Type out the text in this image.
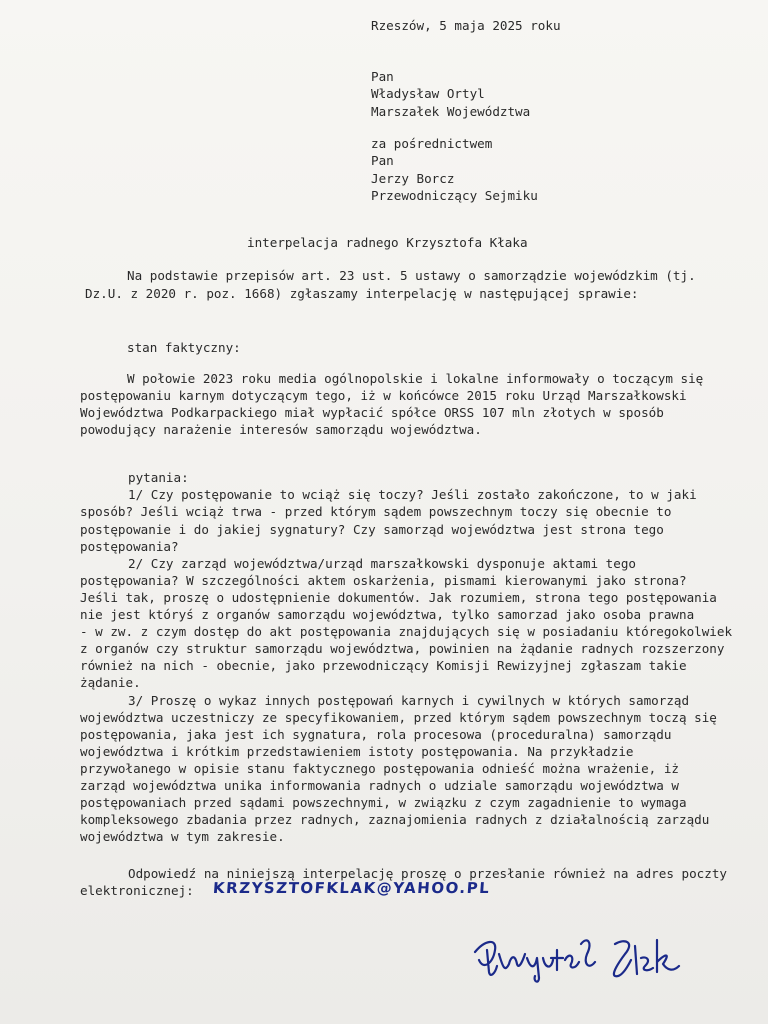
Rzeszów, 5 maja 2025 roku
Pan
Władysław Ortyl
Marszałek Województwa
za pośrednictwem
Pan
Jerzy Borcz
Przewodniczący Sejmiku
interpelacja radnego Krzysztofa Kłaka
Na podstawie przepisów art. 23 ust. 5 ustawy o samorządzie wojewódzkim (tj.
Dz.U. z 2020 r. poz. 1668) zgłaszamy interpelację w następującej sprawie:
stan faktyczny:
W połowie 2023 roku media ogólnopolskie i lokalne informowały o toczącym się
postępowaniu karnym dotyczącym tego, iż w końcówce 2015 roku Urząd Marszałkowski
Województwa Podkarpackiego miał wypłacić spółce ORSS 107 mln złotych w sposób
powodujący narażenie interesów samorządu województwa.
pytania:
1/ Czy postępowanie to wciąż się toczy? Jeśli zostało zakończone, to w jaki
sposób? Jeśli wciąż trwa - przed którym sądem powszechnym toczy się obecnie to
postępowanie i do jakiej sygnatury? Czy samorząd województwa jest strona tego
postępowania?
2/ Czy zarząd województwa/urząd marszałkowski dysponuje aktami tego
postępowania? W szczególności aktem oskarżenia, pismami kierowanymi jako strona?
Jeśli tak, proszę o udostępnienie dokumentów. Jak rozumiem, strona tego postępowania
nie jest któryś z organów samorządu województwa, tylko samorzad jako osoba prawna
- w zw. z czym dostęp do akt postępowania znajdujących się w posiadaniu któregokolwiek
z organów czy struktur samorządu województwa, powinien na żądanie radnych rozszerzony
również na nich - obecnie, jako przewodniczący Komisji Rewizyjnej zgłaszam takie
żądanie.
3/ Proszę o wykaz innych postępowań karnych i cywilnych w których samorząd
województwa uczestniczy ze specyfikowaniem, przed którym sądem powszechnym toczą się
postępowania, jaka jest ich sygnatura, rola procesowa (proceduralna) samorządu
województwa i krótkim przedstawieniem istoty postępowania. Na przykładzie
przywołanego w opisie stanu faktycznego postępowania odnieść można wrażenie, iż
zarząd województwa unika informowania radnych o udziale samorządu województwa w
postępowaniach przed sądami powszechnymi, w związku z czym zagadnienie to wymaga
kompleksowego zbadania przez radnych, zaznajomienia radnych z działalnością zarządu
województwa w tym zakresie.
Odpowiedź na niniejszą interpelację proszę o przesłanie również na adres poczty
elektronicznej: KRZYSZTOFKLAK@YAHOO.PL
